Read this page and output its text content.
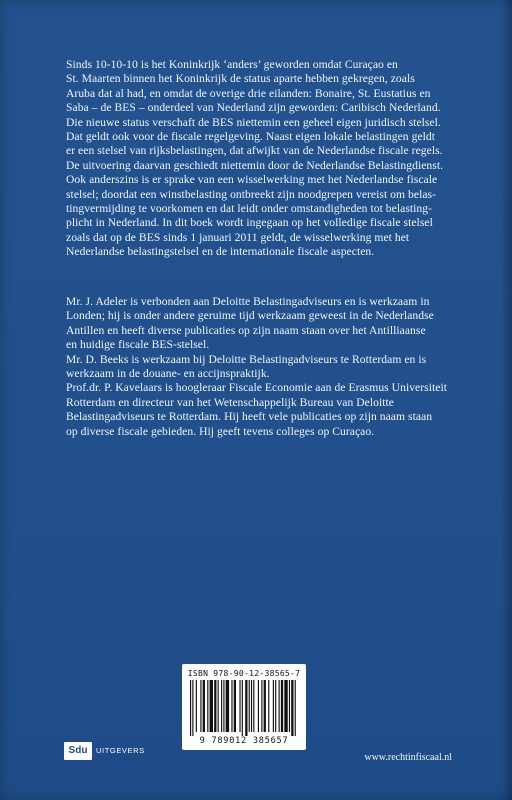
Sinds 10-10-10 is het Koninkrijk ‘anders’ geworden omdat Curaçao en
St. Maarten binnen het Koninkrijk de status aparte hebben gekregen, zoals
Aruba dat al had, en omdat de overige drie eilanden: Bonaire, St. Eustatius en
Saba – de BES – onderdeel van Nederland zijn geworden: Caribisch Nederland.
Die nieuwe status verschaft de BES niettemin een geheel eigen juridisch stelsel.
Dat geldt ook voor de fiscale regelgeving. Naast eigen lokale belastingen geldt
er een stelsel van rijksbelastingen, dat afwijkt van de Nederlandse fiscale regels.
De uitvoering daarvan geschiedt niettemin door de Nederlandse Belastingdienst.
Ook anderszins is er sprake van een wisselwerking met het Nederlandse fiscale
stelsel; doordat een winstbelasting ontbreekt zijn noodgrepen vereist om belas-
tingvermijding te voorkomen en dat leidt onder omstandigheden tot belasting-
plicht in Nederland. In dit boek wordt ingegaan op het volledige fiscale stelsel
zoals dat op de BES sinds 1 januari 2011 geldt, de wisselwerking met het
Nederlandse belastingstelsel en de internationale fiscale aspecten.
Mr. J. Adeler is verbonden aan Deloitte Belastingadviseurs en is werkzaam in
Londen; hij is onder andere geruime tijd werkzaam geweest in de Nederlandse
Antillen en heeft diverse publicaties op zijn naam staan over het Antilliaanse
en huidige fiscale BES-stelsel.
Mr. D. Beeks is werkzaam bij Deloitte Belastingadviseurs te Rotterdam en is
werkzaam in de douane- en accijnspraktijk.
Prof.dr. P. Kavelaars is hoogleraar Fiscale Economie aan de Erasmus Universiteit
Rotterdam en directeur van het Wetenschappelijk Bureau van Deloitte
Belastingadviseurs te Rotterdam. Hij heeft vele publicaties op zijn naam staan
op diverse fiscale gebieden. Hij geeft tevens colleges op Curaçao.
ISBN 978-90-12-38565-7
9 789012 385657
Sdu	UITGEVERS
www.rechtinfiscaal.nl
